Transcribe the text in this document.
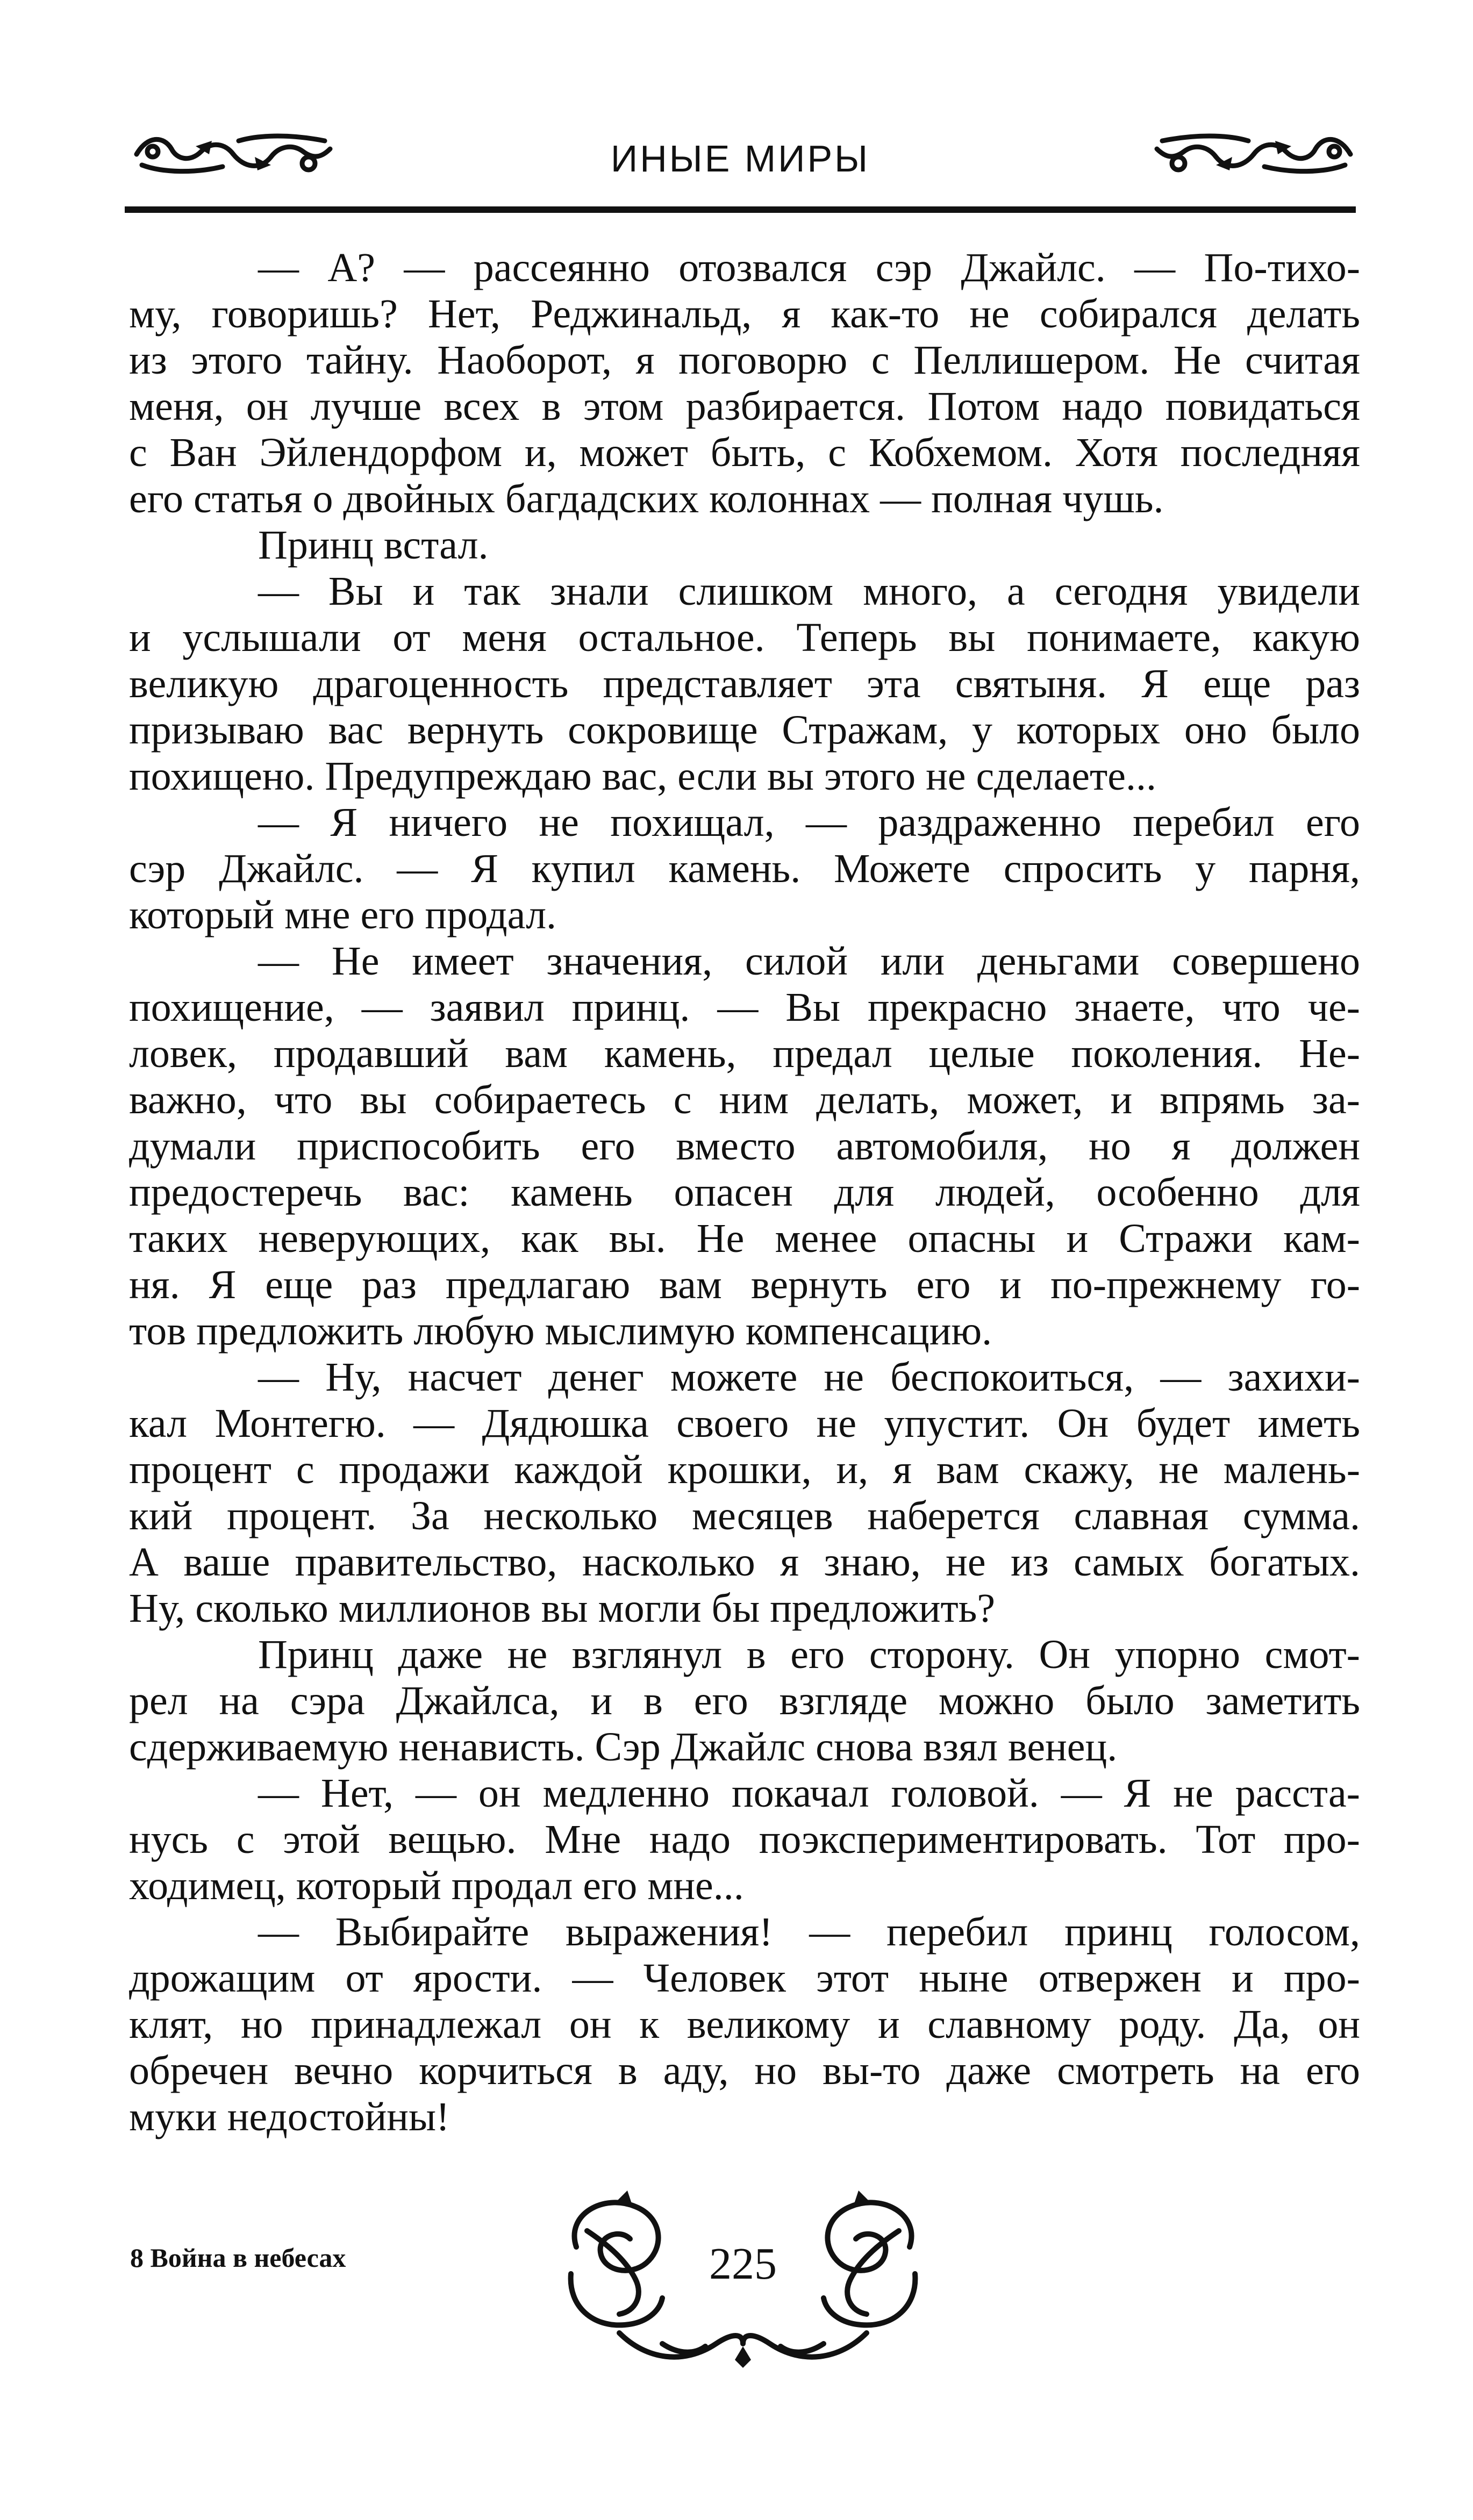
ИНЫЕ МИРЫ
— А? — рассеянно отозвался сэр Джайлс. — По-тихо-
му, говоришь? Нет, Реджинальд, я как-то не собирался делать
из этого тайну. Наоборот, я поговорю с Пеллишером. Не считая
меня, он лучше всех в этом разбирается. Потом надо повидаться
с Ван Эйлендорфом и, может быть, с Кобхемом. Хотя последняя
его статья о двойных багдадских колоннах — полная чушь.
Принц встал.
— Вы и так знали слишком много, а сегодня увидели
и услышали от меня остальное. Теперь вы понимаете, какую
великую драгоценность представляет эта святыня. Я еще раз
призываю вас вернуть сокровище Стражам, у которых оно было
похищено. Предупреждаю вас, если вы этого не сделаете...
— Я ничего не похищал, — раздраженно перебил его
сэр Джайлс. — Я купил камень. Можете спросить у парня,
который мне его продал.
— Не имеет значения, силой или деньгами совершено
похищение, — заявил принц. — Вы прекрасно знаете, что че-
ловек, продавший вам камень, предал целые поколения. Не-
важно, что вы собираетесь с ним делать, может, и впрямь за-
думали приспособить его вместо автомобиля, но я должен
предостеречь вас: камень опасен для людей, особенно для
таких неверующих, как вы. Не менее опасны и Стражи кам-
ня. Я еще раз предлагаю вам вернуть его и по-прежнему го-
тов предложить любую мыслимую компенсацию.
— Ну, насчет денег можете не беспокоиться, — захихи-
кал Монтегю. — Дядюшка своего не упустит. Он будет иметь
процент с продажи каждой крошки, и, я вам скажу, не малень-
кий процент. За несколько месяцев наберется славная сумма.
А ваше правительство, насколько я знаю, не из самых богатых.
Ну, сколько миллионов вы могли бы предложить?
Принц даже не взглянул в его сторону. Он упорно смот-
рел на сэра Джайлса, и в его взгляде можно было заметить
сдерживаемую ненависть. Сэр Джайлс снова взял венец.
— Нет, — он медленно покачал головой. — Я не расста-
нусь с этой вещью. Мне надо поэкспериментировать. Тот про-
ходимец, который продал его мне...
— Выбирайте выражения! — перебил принц голосом,
дрожащим от ярости. — Человек этот ныне отвержен и про-
клят, но принадлежал он к великому и славному роду. Да, он
обречен вечно корчиться в аду, но вы-то даже смотреть на его
муки недостойны!
8 Война в небесах	225
